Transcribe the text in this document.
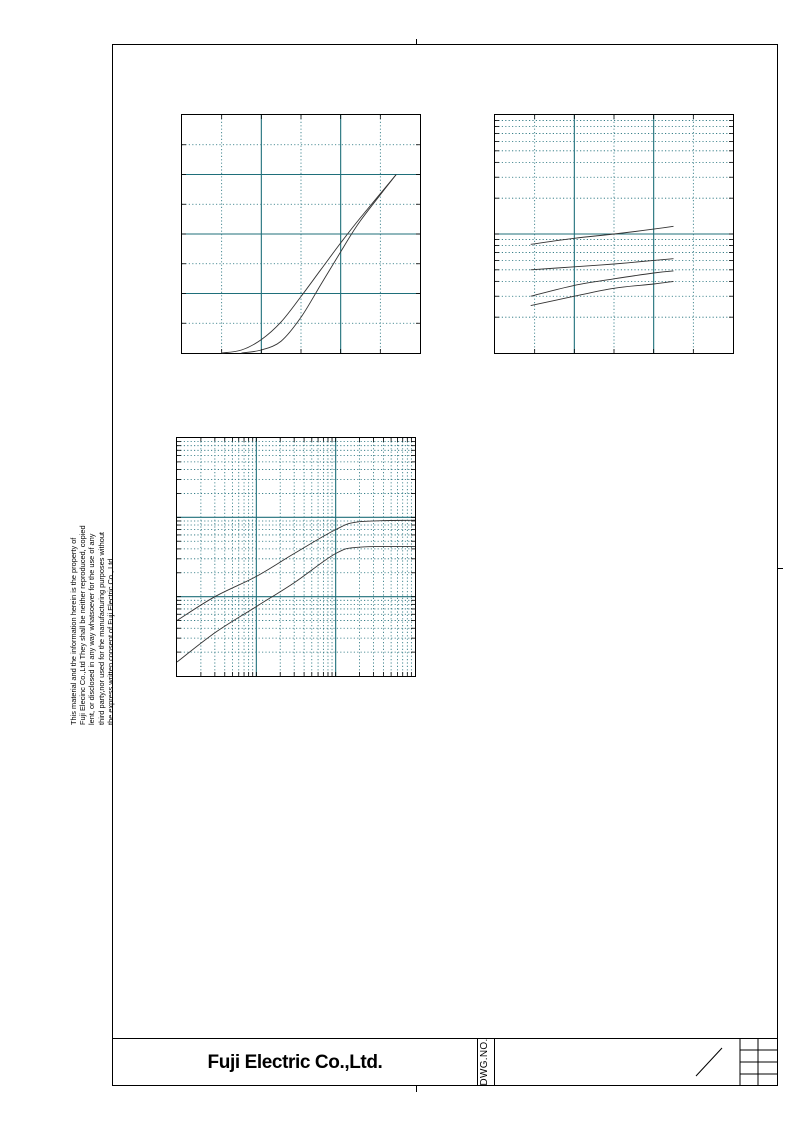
This material and the information herein is the property of Fuji Elecinc Co.,Ltd They shall be neither reproduced, copied lent, or disclosed in any way whatsoever for the use of any third party,nor used for the manufacturing purposes without the express written consent of Fuji Electric Co., Ltd.
Fuji Electric Co.,Ltd.	DWG.NO.
